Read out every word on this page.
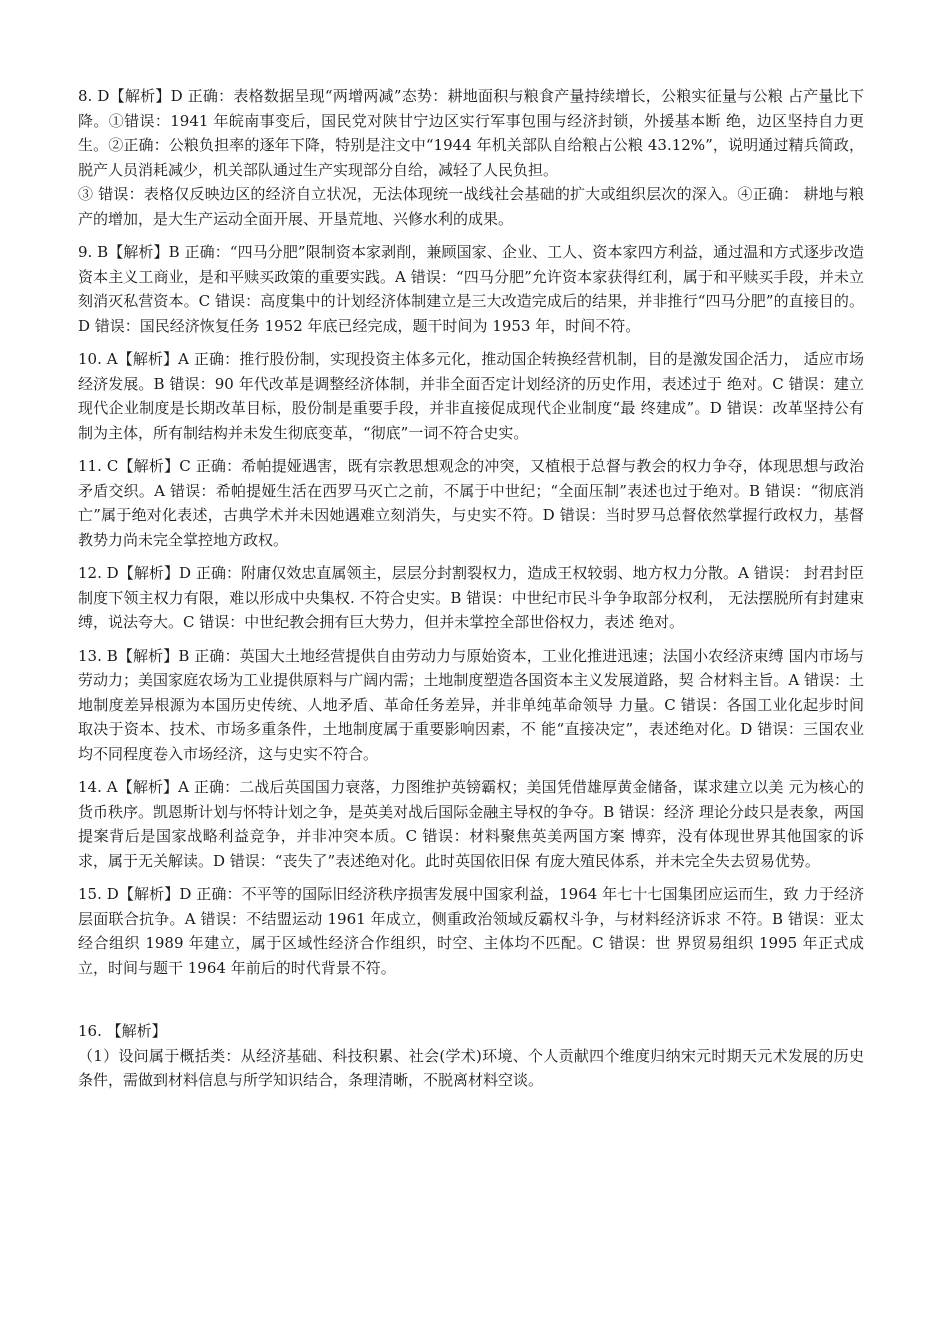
8. D【解析】D 正确：表格数据呈现“两增两减”态势：耕地面积与粮食产量持续增长，公粮实征量与公粮 占产量比下降。①错误：1941 年皖南事变后，国民党对陕甘宁边区实行军事包围与经济封锁，外援基本断 绝，边区坚持自力更生。②正确：公粮负担率的逐年下降，特别是注文中“1944 年机关部队自给粮占公粮 43.12%”，说明通过精兵简政，脱产人员消耗减少，机关部队通过生产实现部分自给，减轻了人民负担。

③ 错误：表格仅反映边区的经济自立状况，无法体现统一战线社会基础的扩大或组织层次的深入。④正确： 耕地与粮产的增加，是大生产运动全面开展、开垦荒地、兴修水利的成果。

9. B【解析】B 正确：“四马分肥”限制资本家剥削，兼顾国家、企业、工人、资本家四方利益，通过温和方式逐步改造资本主义工商业，是和平赎买政策的重要实践。A 错误：“四马分肥”允许资本家获得红利，属于和平赎买手段，并未立刻消灭私营资本。C 错误：高度集中的计划经济体制建立是三大改造完成后的结果，并非推行“四马分肥”的直接目的。 D 错误：国民经济恢复任务 1952 年底已经完成，题干时间为 1953 年，时间不符。

10. A【解析】A 正确：推行股份制，实现投资主体多元化，推动国企转换经营机制，目的是激发国企活力， 适应市场经济发展。B 错误：90 年代改革是调整经济体制，并非全面否定计划经济的历史作用，表述过于 绝对。C 错误：建立现代企业制度是长期改革目标，股份制是重要手段，并非直接促成现代企业制度“最 终建成”。D 错误：改革坚持公有制为主体，所有制结构并未发生彻底变革，“彻底”一词不符合史实。

11. C【解析】C 正确：希帕提娅遇害，既有宗教思想观念的冲突，又植根于总督与教会的权力争夺，体现思想与政治矛盾交织。A 错误：希帕提娅生活在西罗马灭亡之前，不属于中世纪；“全面压制”表述也过于绝对。B 错误：“彻底消亡”属于绝对化表述，古典学术并未因她遇难立刻消失，与史实不符。D 错误：当时罗马总督依然掌握行政权力，基督教势力尚未完全掌控地方政权。

12. D【解析】D 正确：附庸仅效忠直属领主，层层分封割裂权力，造成王权较弱、地方权力分散。A 错误： 封君封臣制度下领主权力有限，难以形成中央集权. 不符合史实。B 错误：中世纪市民斗争争取部分权利， 无法摆脱所有封建束缚，说法夸大。C 错误：中世纪教会拥有巨大势力，但并未掌控全部世俗权力，表述 绝对。

13. B【解析】B 正确：英国大土地经营提供自由劳动力与原始资本，工业化推进迅速；法国小农经济束缚 国内市场与劳动力；美国家庭农场为工业提供原料与广阔内需；土地制度塑造各国资本主义发展道路，契 合材料主旨。A 错误：土地制度差异根源为本国历史传统、人地矛盾、革命任务差异，并非单纯革命领导 力量。C 错误：各国工业化起步时间取决于资本、技术、市场多重条件，土地制度属于重要影响因素，不 能“直接决定”，表述绝对化。D 错误：三国农业均不同程度卷入市场经济，这与史实不符合。

14. A【解析】A 正确：二战后英国国力衰落，力图维护英镑霸权；美国凭借雄厚黄金储备，谋求建立以美 元为核心的货币秩序。凯恩斯计划与怀特计划之争，是英美对战后国际金融主导权的争夺。B 错误：经济 理论分歧只是表象，两国提案背后是国家战略利益竞争，并非冲突本质。C 错误：材料聚焦英美两国方案 博弈，没有体现世界其他国家的诉求，属于无关解读。D 错误：“丧失了”表述绝对化。此时英国依旧保 有庞大殖民体系，并未完全失去贸易优势。

15. D【解析】D 正确：不平等的国际旧经济秩序损害发展中国家利益，1964 年七十七国集团应运而生，致 力于经济层面联合抗争。A 错误：不结盟运动 1961 年成立，侧重政治领域反霸权斗争，与材料经济诉求 不符。B 错误：亚太经合组织 1989 年建立，属于区域性经济合作组织，时空、主体均不匹配。C 错误：世 界贸易组织 1995 年正式成立，时间与题干 1964 年前后的时代背景不符。

16. 【解析】

（1）设问属于概括类：从经济基础、科技积累、社会(学术)环境、个人贡献四个维度归纳宋元时期天元术发展的历史条件，需做到材料信息与所学知识结合，条理清晰，不脱离材料空谈。
